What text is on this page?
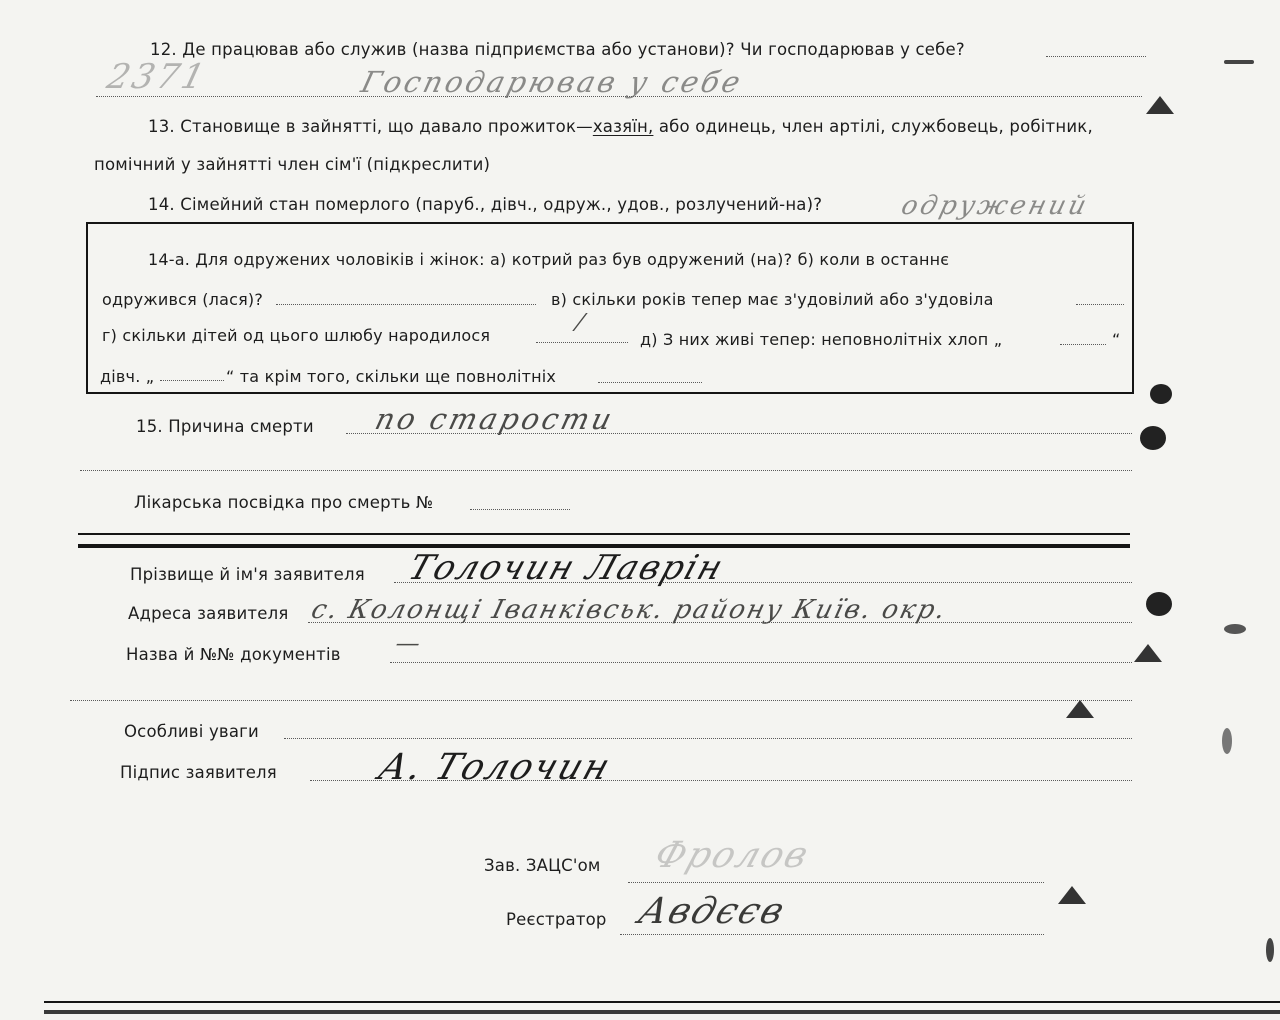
12. Де працював або служив (назва підприємства або установи)? Чи господарював у себе?
2371	Господарював у себе
13. Становище в зайнятті, що давало прожиток—хазяїн, або одинець, член артілі, службовець, робітник,
помічний у зайнятті член сім'ї (підкреслити)
14. Сімейний стан померлого (паруб., дівч., одруж., удов., розлучений-на)?	одружений
14-а. Для одружених чоловіків і жінок: а) котрий раз був одружений (на)? б) коли в останнє
одружився (лася)?	в) скільки років тепер має з'удовілий або з'удовіла
г) скільки дітей од цього шлюбу народилося
/
д) З них живі тепер: неповнолітніх хлоп „	“
дівч. „	“ та крім того, скільки ще повнолітніх
15. Причина смерти по старости
Лікарська посвідка про смерть №
Прізвище й ім'я заявителя Толочин Лаврін
Адреса заявителя с. Колонщі Іванківськ. району Київ. окр.
Назва й №№ документів —
Особливі уваги
Підпис заявителя	А. Толочин
Зав. ЗАЦС'ом Фролов
Реєстратор Авдєєв
